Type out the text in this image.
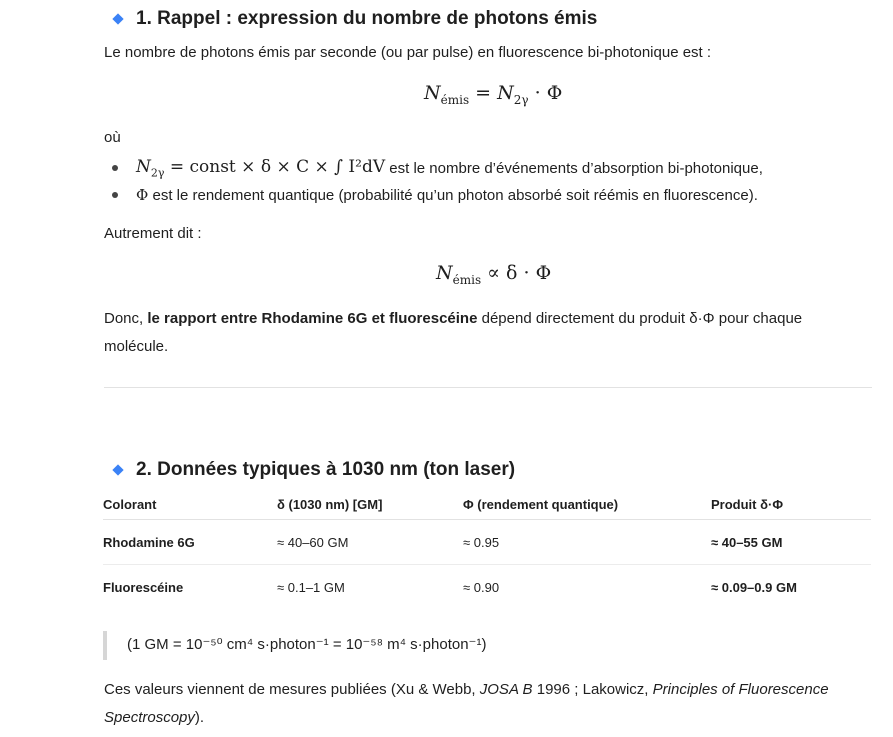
1. Rappel : expression du nombre de photons émis
Le nombre de photons émis par seconde (ou par pulse) en fluorescence bi-photonique est :
$N_{émis} = N_{2\gamma} \cdot \Phi$
où
$N_{2\gamma}$ = const × δ × C × ∫ I²dV est le nombre d’événements d’absorption bi-photonique,
Φ est le rendement quantique (probabilité qu’un photon absorbé soit réémis en fluorescence).
Autrement dit :
$N_{émis} \propto \delta \cdot \Phi$
Donc, le rapport entre Rhodamine 6G et fluorescéine dépend directement du produit δ·Φ pour chaque molécule.
2. Données typiques à 1030 nm (ton laser)
Colorant	δ (1030 nm) [GM]	Φ (rendement quantique)	Produit δ·Φ
Rhodamine 6G	≈ 40–60 GM	≈ 0.95	≈ 40–55 GM
Fluorescéine	≈ 0.1–1 GM	≈ 0.90	≈ 0.09–0.9 GM
(1 GM = 10⁻⁵⁰ cm⁴ s·photon⁻¹ = 10⁻⁵⁸ m⁴ s·photon⁻¹)
Ces valeurs viennent de mesures publiées (Xu & Webb, JOSA B 1996 ; Lakowicz, Principles of Fluorescence Spectroscopy).
